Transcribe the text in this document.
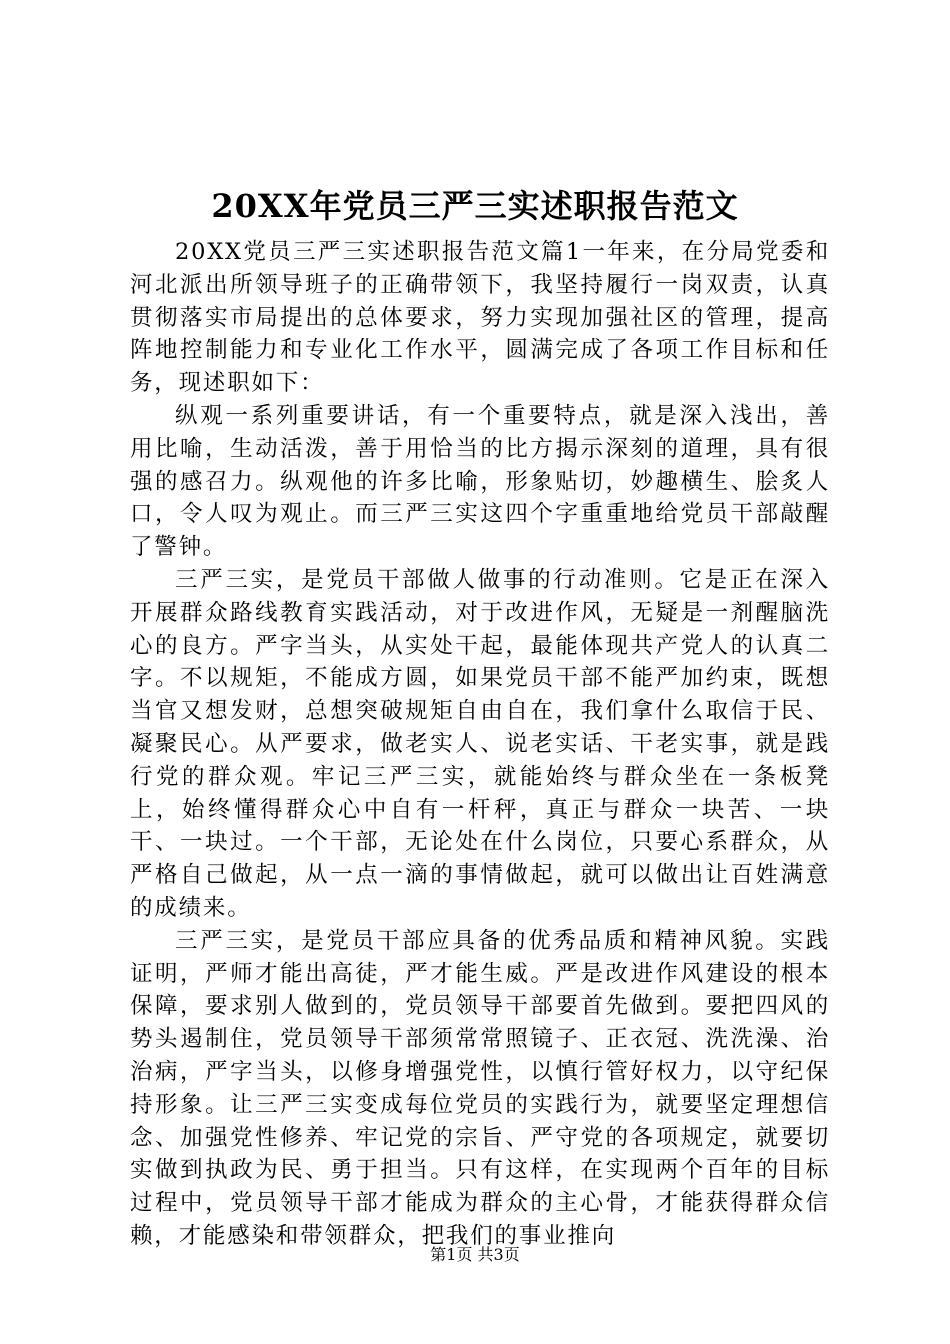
20XX年党员三严三实述职报告范文

20XX党员三严三实述职报告范文篇1一年来，在分局党委和河北派出所领导班子的正确带领下，我坚持履行一岗双责，认真贯彻落实市局提出的总体要求，努力实现加强社区的管理，提高阵地控制能力和专业化工作水平，圆满完成了各项工作目标和任务，现述职如下：

纵观一系列重要讲话，有一个重要特点，就是深入浅出，善用比喻，生动活泼，善于用恰当的比方揭示深刻的道理，具有很强的感召力。纵观他的许多比喻，形象贴切，妙趣横生、脍炙人口，令人叹为观止。而三严三实这四个字重重地给党员干部敲醒了警钟。

三严三实，是党员干部做人做事的行动准则。它是正在深入开展群众路线教育实践活动，对于改进作风，无疑是一剂醒脑洗心的良方。严字当头，从实处干起，最能体现共产党人的认真二字。不以规矩，不能成方圆，如果党员干部不能严加约束，既想当官又想发财，总想突破规矩自由自在，我们拿什么取信于民、凝聚民心。从严要求，做老实人、说老实话、干老实事，就是践行党的群众观。牢记三严三实，就能始终与群众坐在一条板凳上，始终懂得群众心中自有一杆秤，真正与群众一块苦、一块干、一块过。一个干部，无论处在什么岗位，只要心系群众，从严格自己做起，从一点一滴的事情做起，就可以做出让百姓满意的成绩来。

三严三实，是党员干部应具备的优秀品质和精神风貌。实践证明，严师才能出高徒，严才能生威。严是改进作风建设的根本保障，要求别人做到的，党员领导干部要首先做到。要把四风的势头遏制住，党员领导干部须常常照镜子、正衣冠、洗洗澡、治治病，严字当头，以修身增强党性，以慎行管好权力，以守纪保持形象。让三严三实变成每位党员的实践行为，就要坚定理想信念、加强党性修养、牢记党的宗旨、严守党的各项规定，就要切实做到执政为民、勇于担当。只有这样，在实现两个百年的目标过程中，党员领导干部才能成为群众的主心骨，才能获得群众信赖，才能感染和带领群众，把我们的事业推向

第1页 共3页
